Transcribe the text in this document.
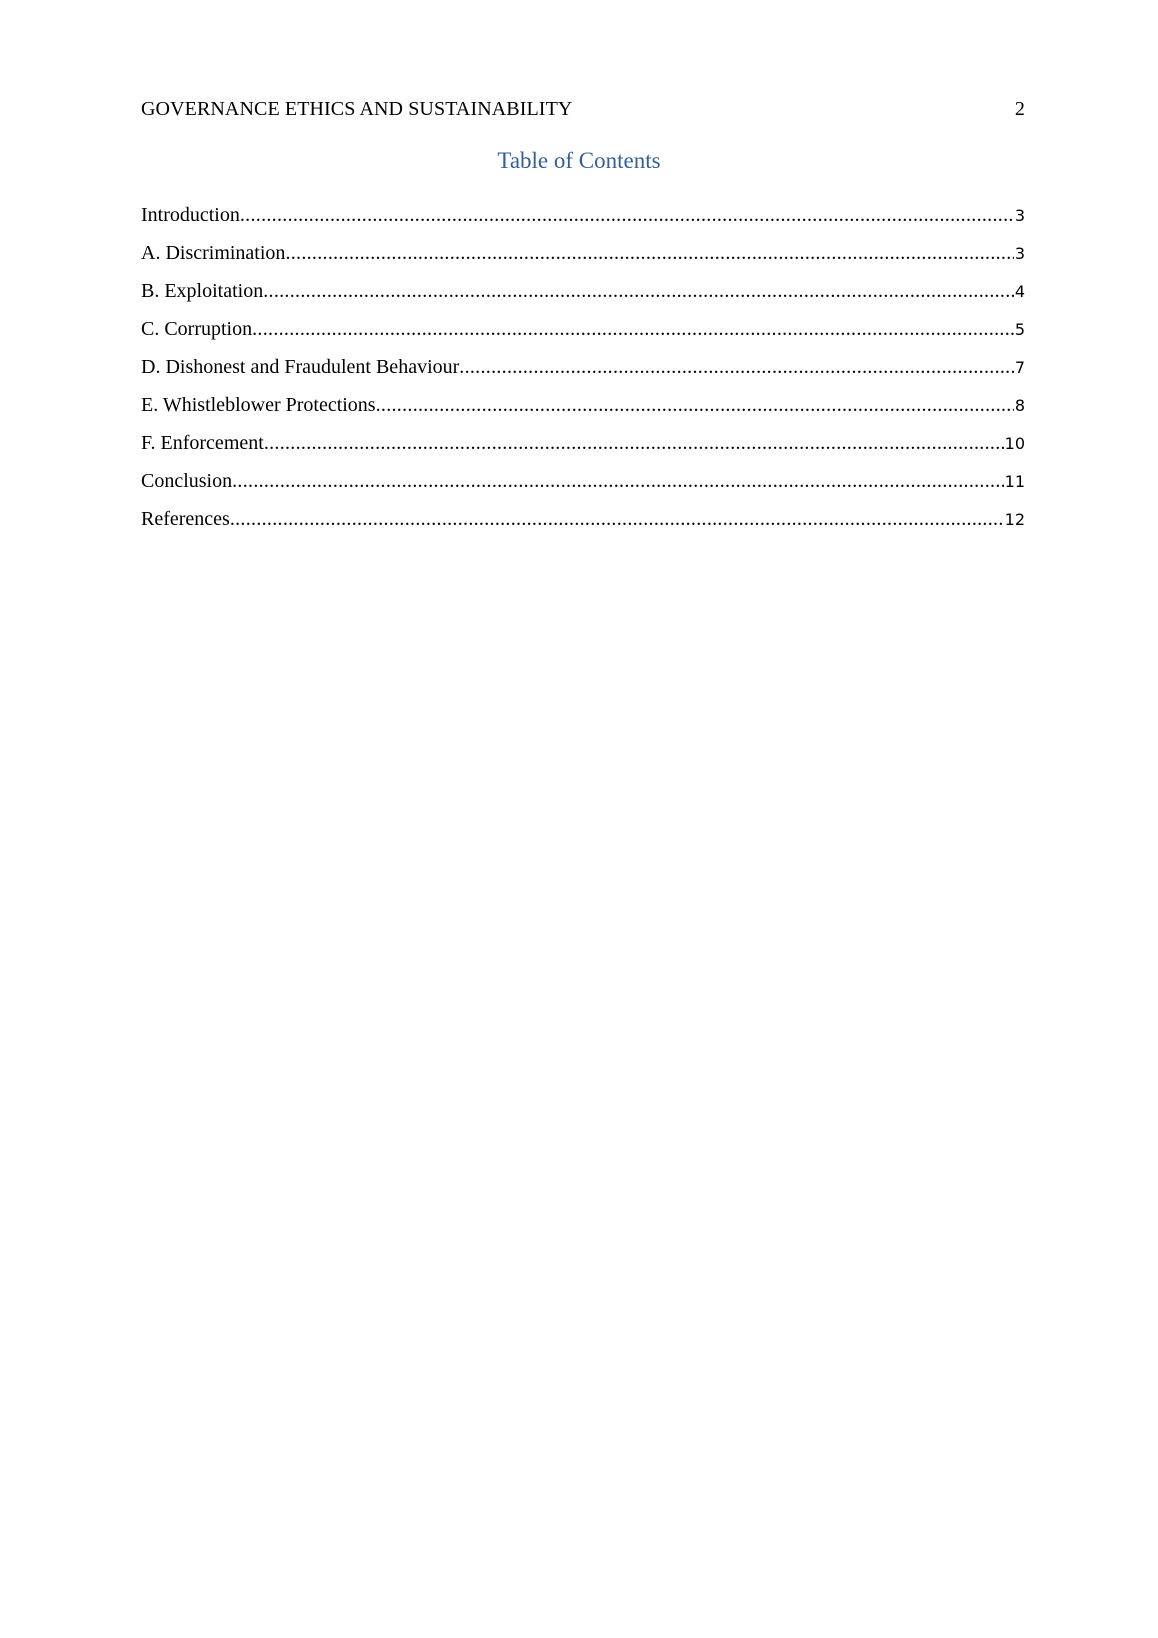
GOVERNANCE ETHICS AND SUSTAINABILITY	2
Table of Contents
Introduction .....	3
A. Discrimination .....	3
B. Exploitation .....	4
C. Corruption .....	5
D. Dishonest and Fraudulent Behaviour .....	7
E. Whistleblower Protections .....	8
F. Enforcement .....	10
Conclusion .....	11
References .....	12
